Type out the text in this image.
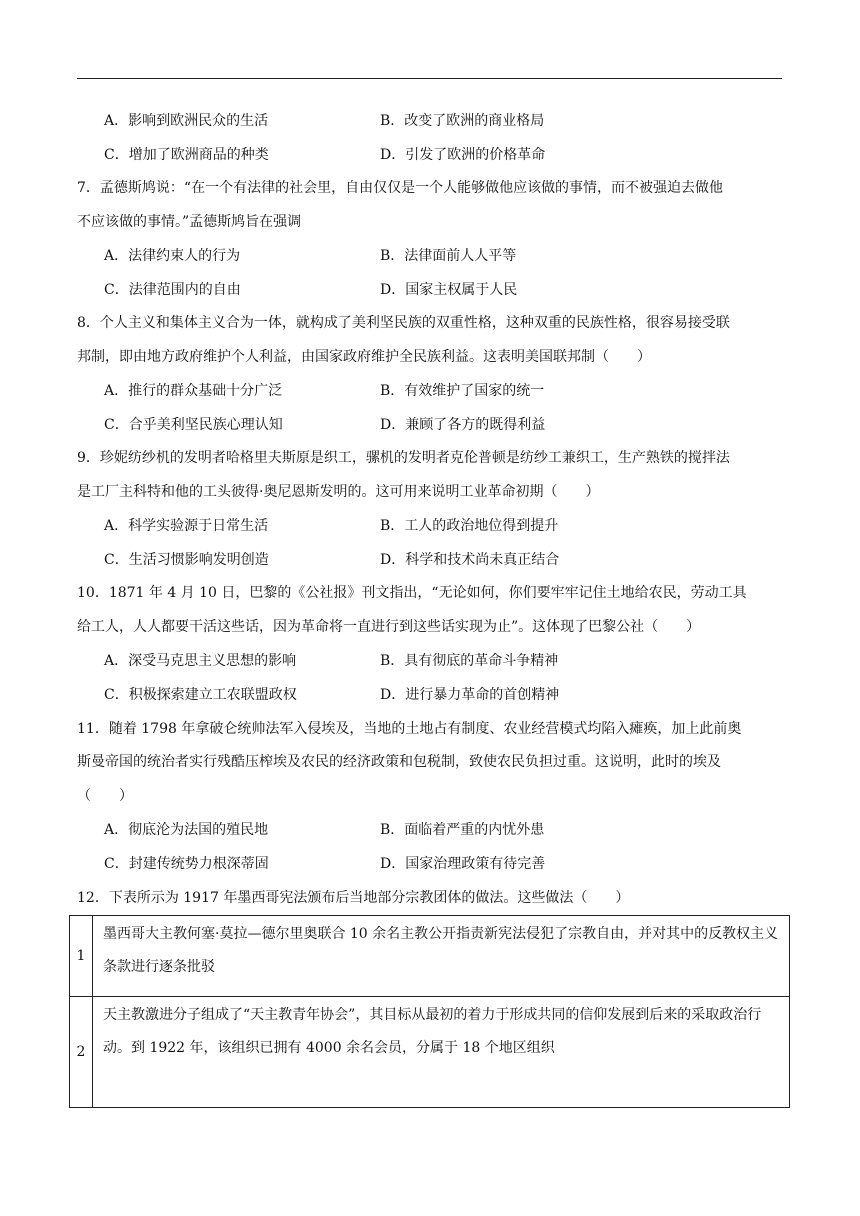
A．影响到欧洲民众的生活	B．改变了欧洲的商业格局
C．增加了欧洲商品的种类	D．引发了欧洲的价格革命
7．孟德斯鸠说：“在一个有法律的社会里，自由仅仅是一个人能够做他应该做的事情，而不被强迫去做他
不应该做的事情。”孟德斯鸠旨在强调
A．法律约束人的行为	B．法律面前人人平等
C．法律范围内的自由	D．国家主权属于人民
8．个人主义和集体主义合为一体，就构成了美利坚民族的双重性格，这种双重的民族性格，很容易接受联
邦制，即由地方政府维护个人利益，由国家政府维护全民族利益。这表明美国联邦制（　　）
A．推行的群众基础十分广泛	B．有效维护了国家的统一
C．合乎美利坚民族心理认知	D．兼顾了各方的既得利益
9．珍妮纺纱机的发明者哈格里夫斯原是织工，骡机的发明者克伦普顿是纺纱工兼织工，生产熟铁的搅拌法
是工厂主科特和他的工头彼得·奥尼恩斯发明的。这可用来说明工业革命初期（　　）
A．科学实验源于日常生活	B．工人的政治地位得到提升
C．生活习惯影响发明创造	D．科学和技术尚未真正结合
10．1871 年 4 月 10 日，巴黎的《公社报》刊文指出，“无论如何，你们要牢牢记住土地给农民，劳动工具
给工人，人人都要干活这些话，因为革命将一直进行到这些话实现为止”。这体现了巴黎公社（　　）
A．深受马克思主义思想的影响	B．具有彻底的革命斗争精神
C．积极探索建立工农联盟政权	D．进行暴力革命的首创精神
11．随着 1798 年拿破仑统帅法军入侵埃及，当地的土地占有制度、农业经营模式均陷入瘫痪，加上此前奥
斯曼帝国的统治者实行残酷压榨埃及农民的经济政策和包税制，致使农民负担过重。这说明，此时的埃及
（　　）
A．彻底沦为法国的殖民地	B．面临着严重的内忧外患
C．封建传统势力根深蒂固	D．国家治理政策有待完善
12．下表所示为 1917 年墨西哥宪法颁布后当地部分宗教团体的做法。这些做法（　　）
1	墨西哥大主教何塞·莫拉—德尔里奥联合 10 余名主教公开指责新宪法侵犯了宗教自由，并对其中的反教权主义条款进行逐条批驳
2	天主教激进分子组成了“天主教青年协会”，其目标从最初的着力于形成共同的信仰发展到后来的采取政治行动。到 1922 年，该组织已拥有 4000 余名会员，分属于 18 个地区组织
